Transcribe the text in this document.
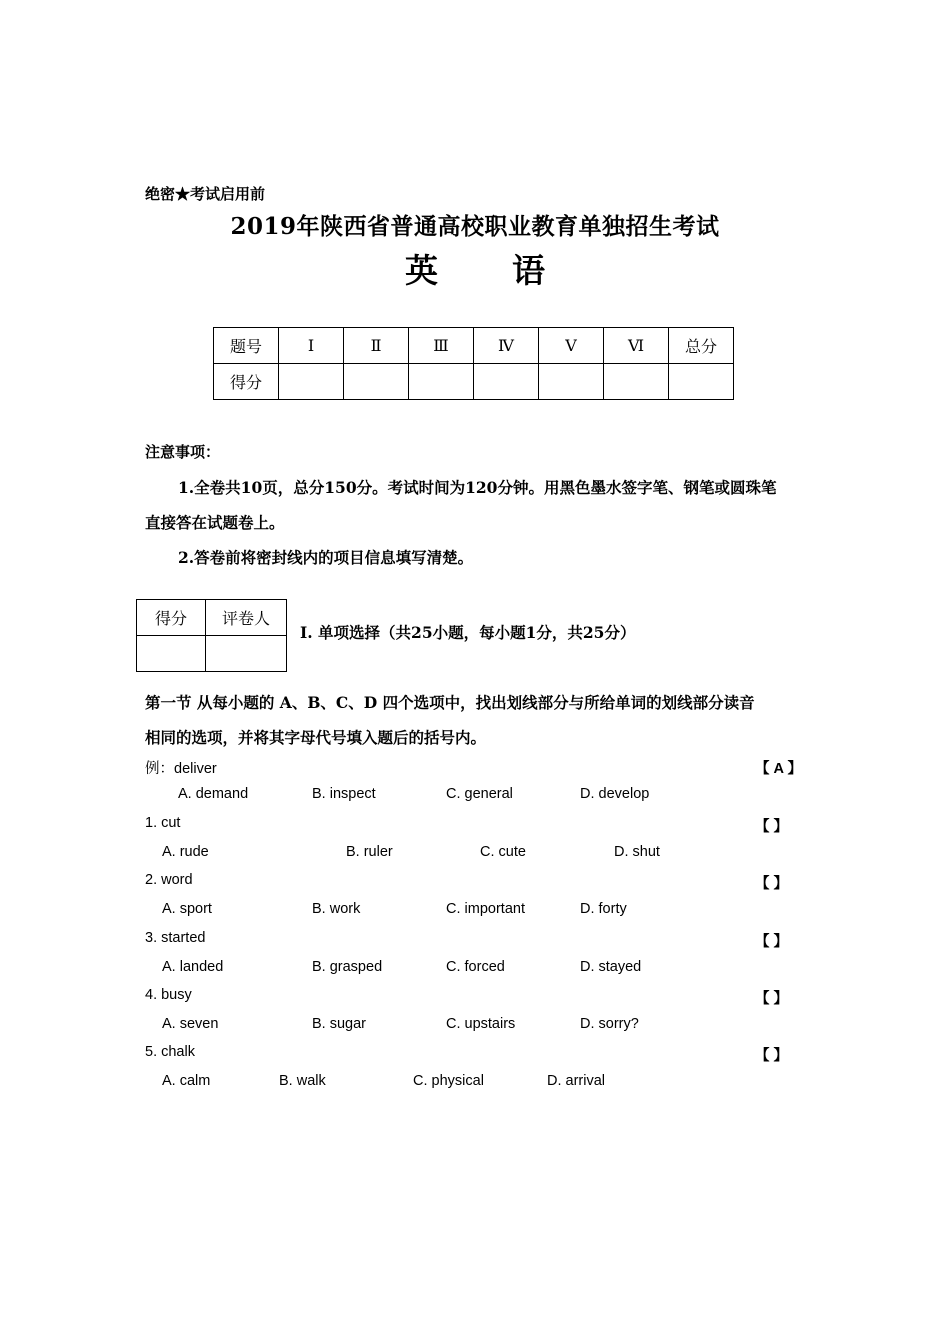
绝密★考试启用前
2019年陕西省普通高校职业教育单独招生考试
英 语
题号	Ⅰ	Ⅱ	Ⅲ	Ⅳ	Ⅴ	Ⅵ	总分
得分							
注意事项：
1.全卷共10页，总分150分。考试时间为120分钟。用黑色墨水签字笔、钢笔或圆珠笔
直接答在试题卷上。
2.答卷前将密封线内的项目信息填写清楚。
得分	评卷人

I. 单项选择（共25小题，每小题1分，共25分）
第一节 从每小题的 A、B、C、D 四个选项中，找出划线部分与所给单词的划线部分读音
相同的选项，并将其字母代号填入题后的括号内。
例：deliver	【 A 】
A. demand	B. inspect	C. general	D. develop
1. cut	【 】
A. rude	B. ruler	C. cute	D. shut
2. word	【 】
A. sport	B. work	C. important	D. forty
3. started	【 】
A. landed	B. grasped	C. forced	D. stayed
4. busy	【 】
A. seven	B. sugar	C. upstairs	D. sorry?
5. chalk	【 】
A. calm	B. walk	C. physical	D. arrival
